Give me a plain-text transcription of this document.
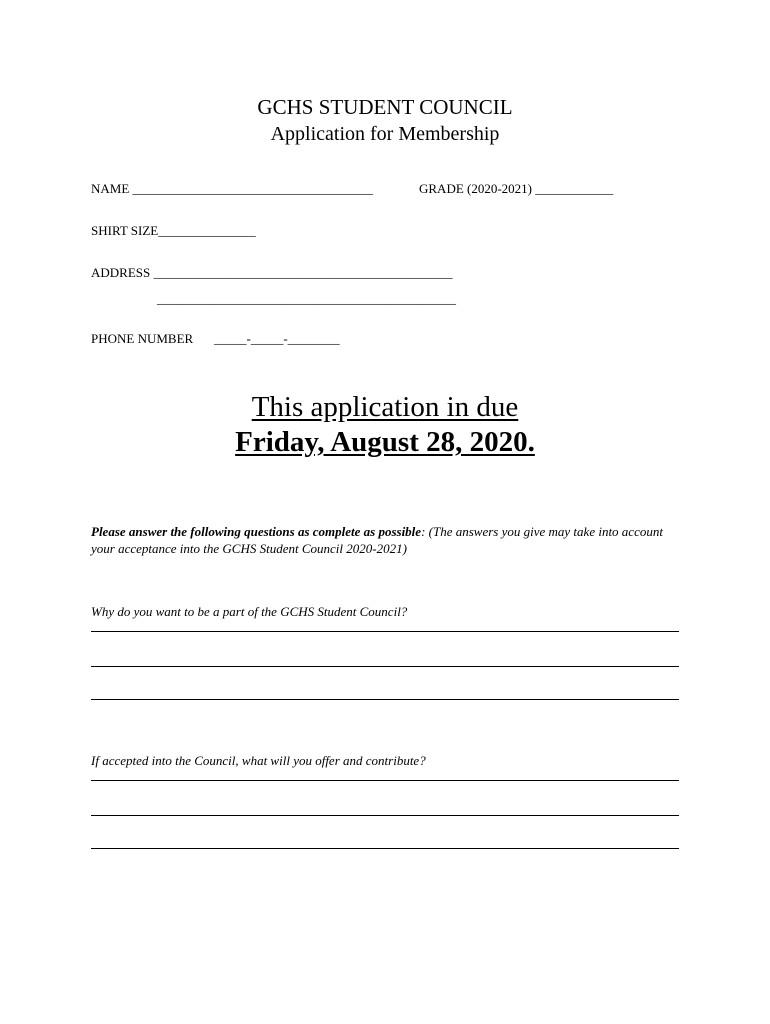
GCHS STUDENT COUNCIL
Application for Membership
NAME _____________________________________	GRADE (2020-2021) ____________
SHIRT SIZE_______________
ADDRESS ______________________________________________
______________________________________________
PHONE NUMBER _____-_____-________
This application in due
Friday, August 28, 2020.
Please answer the following questions as complete as possible: (The answers you give may take into account your acceptance into the GCHS Student Council 2020-2021)
Why do you want to be a part of the GCHS Student Council?
If accepted into the Council, what will you offer and contribute?
